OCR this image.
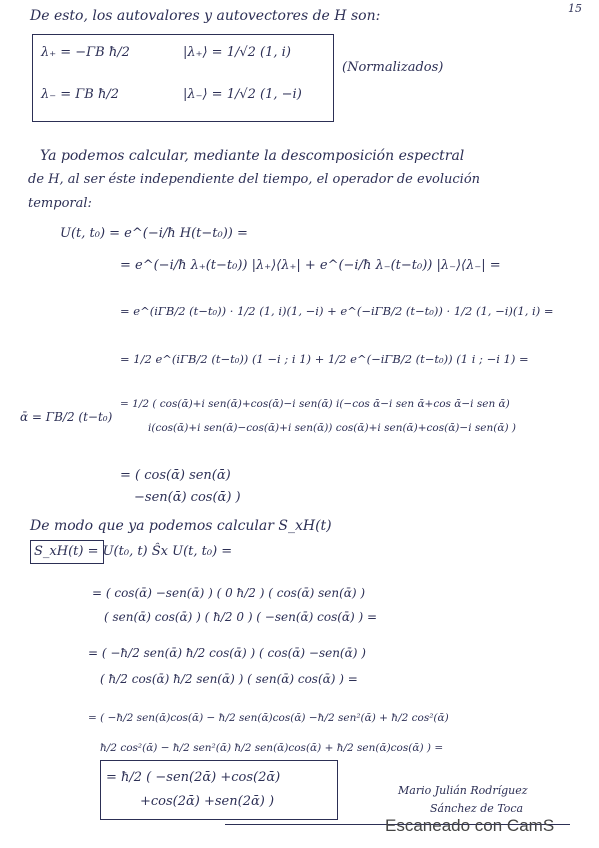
15
De esto, los autovalores y autovectores de H son:
λ₊ = −ΓB ħ/2	|λ₊⟩ = 1/√2 (1, i)
λ₋ = ΓB ħ/2	|λ₋⟩ = 1/√2 (1, −i)
(Normalizados)
Ya podemos calcular, mediante la descomposición espectral
de H, al ser éste independiente del tiempo, el operador de evolución
temporal:
U(t, t₀) = e^(−i/ħ H(t−t₀)) =
= e^(−i/ħ λ₊(t−t₀)) |λ₊⟩⟨λ₊| + e^(−i/ħ λ₋(t−t₀)) |λ₋⟩⟨λ₋| =
= e^(iΓB/2 (t−t₀)) · 1/2 (1, i)(1, −i) + e^(−iΓB/2 (t−t₀)) · 1/2 (1, −i)(1, i) =
= 1/2 e^(iΓB/2 (t−t₀)) (1 −i ; i 1) + 1/2 e^(−iΓB/2 (t−t₀)) (1 i ; −i 1) =
ᾱ = ΓB/2 (t−t₀)
= 1/2 ( cos(ᾱ)+i sen(ᾱ)+cos(ᾱ)−i sen(ᾱ) i(−cos ᾱ−i sen ᾱ+cos ᾱ−i sen ᾱ)
i(cos(ᾱ)+i sen(ᾱ)−cos(ᾱ)+i sen(ᾱ)) cos(ᾱ)+i sen(ᾱ)+cos(ᾱ)−i sen(ᾱ) )
= ( cos(ᾱ) sen(ᾱ)
−sen(ᾱ) cos(ᾱ) )
De modo que ya podemos calcular S_xH(t)
S_xH(t) = U(t₀, t) Ŝx U(t, t₀) =
= ( cos(ᾱ) −sen(ᾱ) ) ( 0 ħ/2 ) ( cos(ᾱ) sen(ᾱ) )
( sen(ᾱ) cos(ᾱ) ) ( ħ/2 0 ) ( −sen(ᾱ) cos(ᾱ) ) =
= ( −ħ/2 sen(ᾱ) ħ/2 cos(ᾱ) ) ( cos(ᾱ) −sen(ᾱ) )
( ħ/2 cos(ᾱ) ħ/2 sen(ᾱ) ) ( sen(ᾱ) cos(ᾱ) ) =
= ( −ħ/2 sen(ᾱ)cos(ᾱ) − ħ/2 sen(ᾱ)cos(ᾱ) −ħ/2 sen²(ᾱ) + ħ/2 cos²(ᾱ)
ħ/2 cos²(ᾱ) − ħ/2 sen²(ᾱ) ħ/2 sen(ᾱ)cos(ᾱ) + ħ/2 sen(ᾱ)cos(ᾱ) ) =
= ħ/2 ( −sen(2ᾱ) +cos(2ᾱ)
+cos(2ᾱ) +sen(2ᾱ) )
Mario Julián Rodríguez
Sánchez de Toca
Escaneado con CamS
